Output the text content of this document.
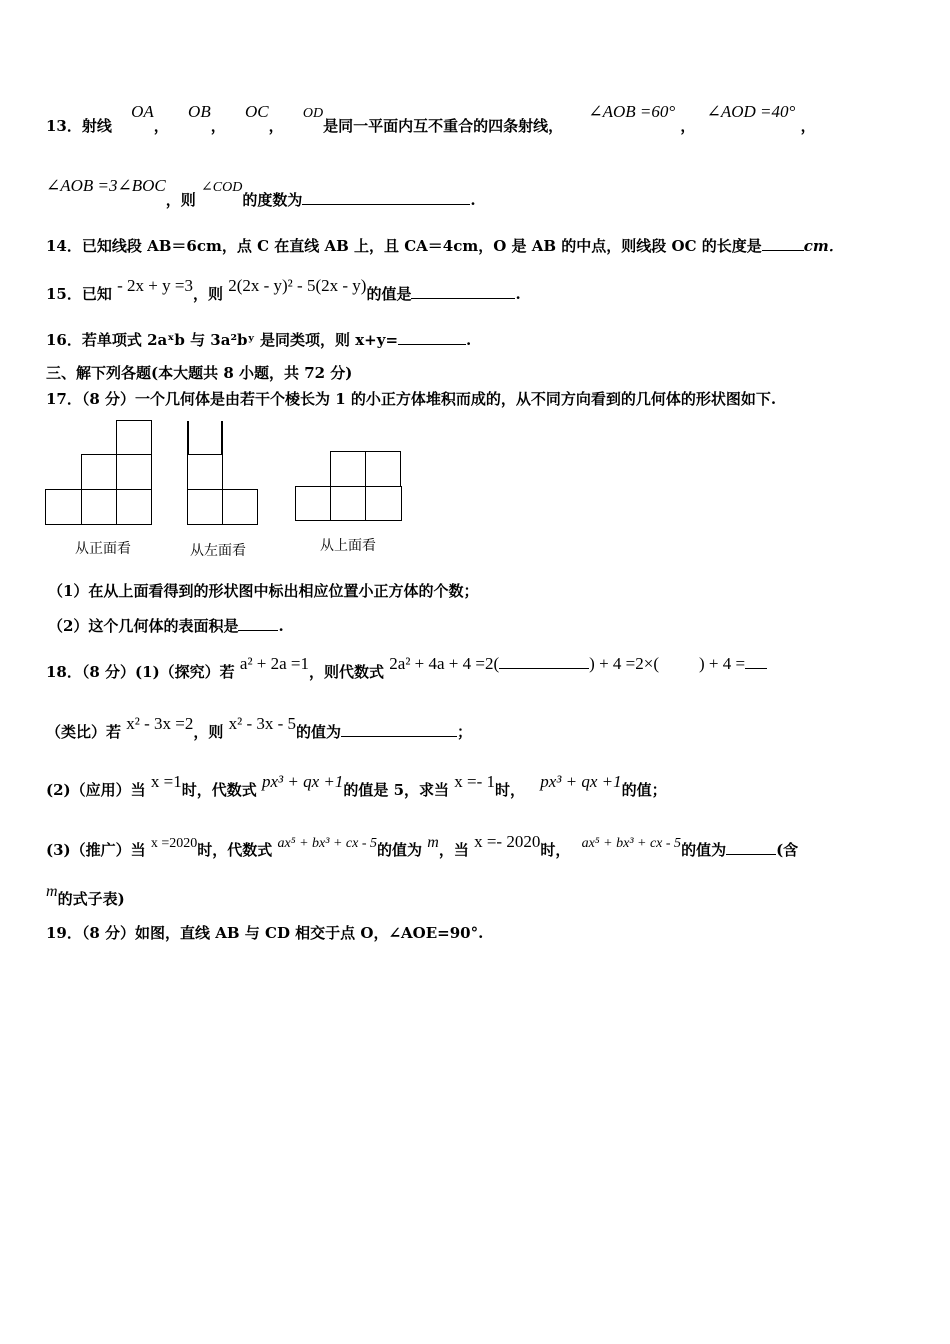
13．射线 OA， OB， OC， OD是同一平面内互不重合的四条射线， ∠AOB =60° ， ∠AOD =40° ，
∠AOB =3∠BOC，则 ∠COD的度数为	.
14．已知线段 AB＝6cm，点 C 在直线 AB 上，且 CA＝4cm，O 是 AB 的中点，则线段 OC 的长度是	cm．
15．已知 - 2x + y =3，则 2(2x - y)² - 5(2x - y)的值是	.
16．若单项式 2aˣb 与 3a²bʸ 是同类项，则 x+y=	.
三、解下列各题(本大题共 8 小题，共 72 分)
17．（8 分）一个几何体是由若干个棱长为 1 的小正方体堆积而成的，从不同方向看到的几何体的形状图如下.
从正面看	从左面看	从上面看
（1）在从上面看得到的形状图中标出相应位置小正方体的个数；
（2）这个几何体的表面积是	.
18．（8 分）(1)（探究）若 a² + 2a =1，则代数式 2a² + 4a + 4 =2(	) + 4 =2×( ) + 4 =
（类比）若 x² - 3x =2，则 x² - 3x - 5的值为	；
(2)（应用）当 x =1时，代数式 px³ + qx +1的值是 5，求当 x =- 1时， px³ + qx +1的值；
(3)（推广）当 x =2020时，代数式 ax⁵ + bx³ + cx - 5的值为 m，当 x =- 2020时， ax⁵ + bx³ + cx - 5的值为	(含
m的式子表)
19．（8 分）如图，直线 AB 与 CD 相交于点 O，∠AOE=90°.
